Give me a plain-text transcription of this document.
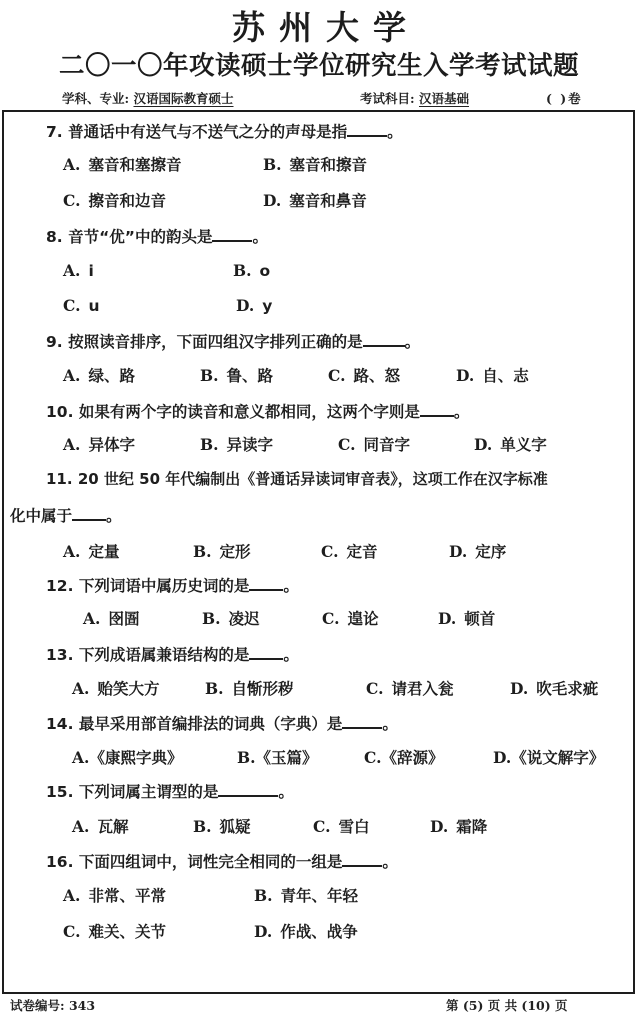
苏州大学
二〇一〇年攻读硕士学位研究生入学考试试题
学科、专业: 汉语国际教育硕士	考试科目: 汉语基础	( )卷
7. 普通话中有送气与不送气之分的声母是指	。
A. 塞音和塞擦音	B. 塞音和擦音
C. 擦音和边音	D. 塞音和鼻音
8. 音节“优”中的韵头是	。
A. i	B. o
C. u	D. y
9. 按照读音排序，下面四组汉字排列正确的是	。
A. 绿、路	B. 鲁、路	C. 路、怒	D. 自、志
10. 如果有两个字的读音和意义都相同，这两个字则是 。
A. 异体字	B. 异读字	C. 同音字	D. 单义字
11. 20 世纪 50 年代编制出《普通话异读词审音表》，这项工作在汉字标准
化中属于 。
A. 定量	B. 定形	C. 定音	D. 定序
12. 下列词语中属历史词的是 。
A. 囹圄	B. 凌迟	C. 遑论	D. 顿首
13. 下列成语属兼语结构的是 。
A. 贻笑大方	B. 自惭形秽	C. 请君入瓮	D. 吹毛求疵
14. 最早采用部首编排法的词典（字典）是	。
A.《康熙字典》	B.《玉篇》	C.《辞源》	D.《说文解字》
15. 下列词属主谓型的是	。
A. 瓦解	B. 狐疑	C. 雪白	D. 霜降
16. 下面四组词中，词性完全相同的一组是	。
A. 非常、平常	B. 青年、年轻
C. 难关、关节	D. 作战、战争
试卷编号: 343	第 (5) 页 共 (10) 页
